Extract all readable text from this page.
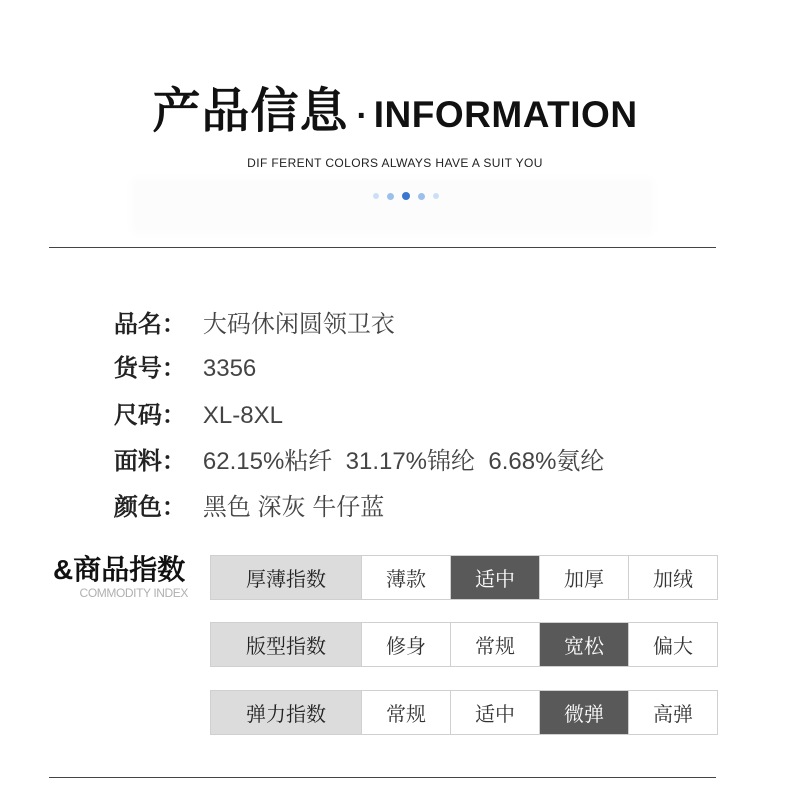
产品信息 · INFORMATION
DIF FERENT COLORS ALWAYS HAVE A SUIT YOU

品名： 大码休闲圆领卫衣

货号： 3356

尺码： XL-8XL

面料： 62.15%粘纤  31.17%锦纶  6.68%氨纶

颜色： 黑色 深灰 牛仔蓝

&商品指数
COMMODITY INDEX
厚薄指数	薄款	适中	加厚	加绒
版型指数	修身	常规	宽松	偏大
弹力指数	常规	适中	微弹	高弹
